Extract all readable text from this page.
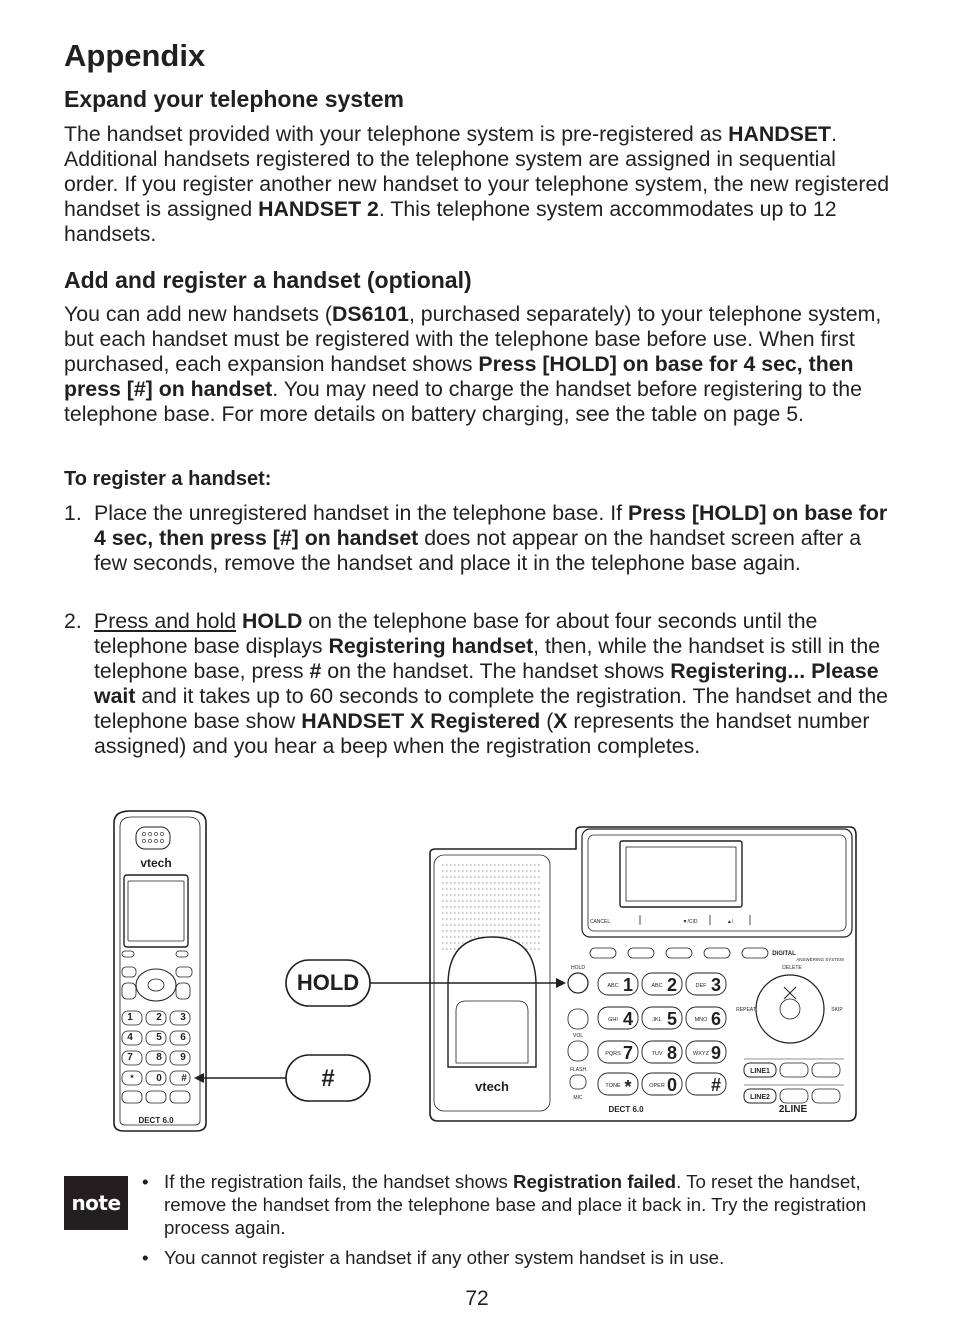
Appendix
Expand your telephone system

The handset provided with your telephone system is pre-registered as HANDSET. Additional handsets registered to the telephone system are assigned in sequential order. If you register another new handset to your telephone system, the new registered handset is assigned HANDSET 2. This telephone system accommodates up to 12 handsets.

Add and register a handset (optional)

You can add new handsets (DS6101, purchased separately) to your telephone system, but each handset must be registered with the telephone base before use. When first purchased, each expansion handset shows Press [HOLD] on base for 4 sec, then press [#] on handset. You may need to charge the handset before registering to the telephone base. For more details on battery charging, see the table on page 5.

To register a handset:
1. Place the unregistered handset in the telephone base. If Press [HOLD] on base for 4 sec, then press [#] on handset does not appear on the handset screen after a few seconds, remove the handset and place it in the telephone base again.
2. Press and hold HOLD on the telephone base for about four seconds until the telephone base displays Registering handset, then, while the handset is still in the telephone base, press # on the handset. The handset shows Registering... Please wait and it takes up to 60 seconds to complete the registration. The handset and the telephone base show HANDSET X Registered (X represents the handset number assigned) and you hear a beep when the registration completes.
1 2 3
4 5 6
7 8 9
* 0 #
vtech
DECT 6.0
1 2 3
4 5 6
7 8 9
* 0 #
ABC	ABC	DEF
GHI	JKL	MNO
PQRS	TUV	WXYZ
TONE	OPER
CANCEL	▼/CID	▲/
HOLD
FLASH
MIC
VOL
DELETE
REPEAT	SKIP
DIGITAL
ANSWERING SYSTEM
LINE1
LINE2
vtech
DECT 6.0	2LINE
HOLD
#
note
• If the registration fails, the handset shows Registration failed. To reset the handset, remove the handset from the telephone base and place it back in. Try the registration process again.
• You cannot register a handset if any other system handset is in use.
72
